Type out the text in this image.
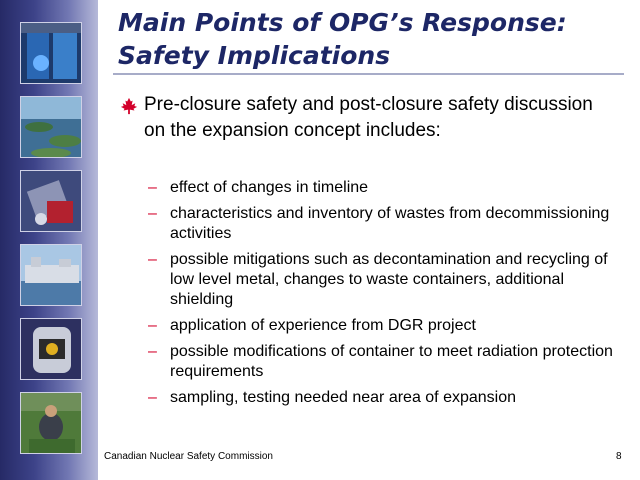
Main Points of OPG’s Response:
Safety Implications
Pre-closure safety and post-closure safety discussion on the expansion concept includes:
– effect of changes in timeline
– characteristics and inventory of wastes from decommissioning activities
– possible mitigations such as decontamination and recycling of low level metal, changes to waste containers, additional shielding
– application of experience from DGR project
– possible modifications of container to meet radiation protection requirements
– sampling, testing needed near area of expansion
Canadian Nuclear Safety Commission	8
